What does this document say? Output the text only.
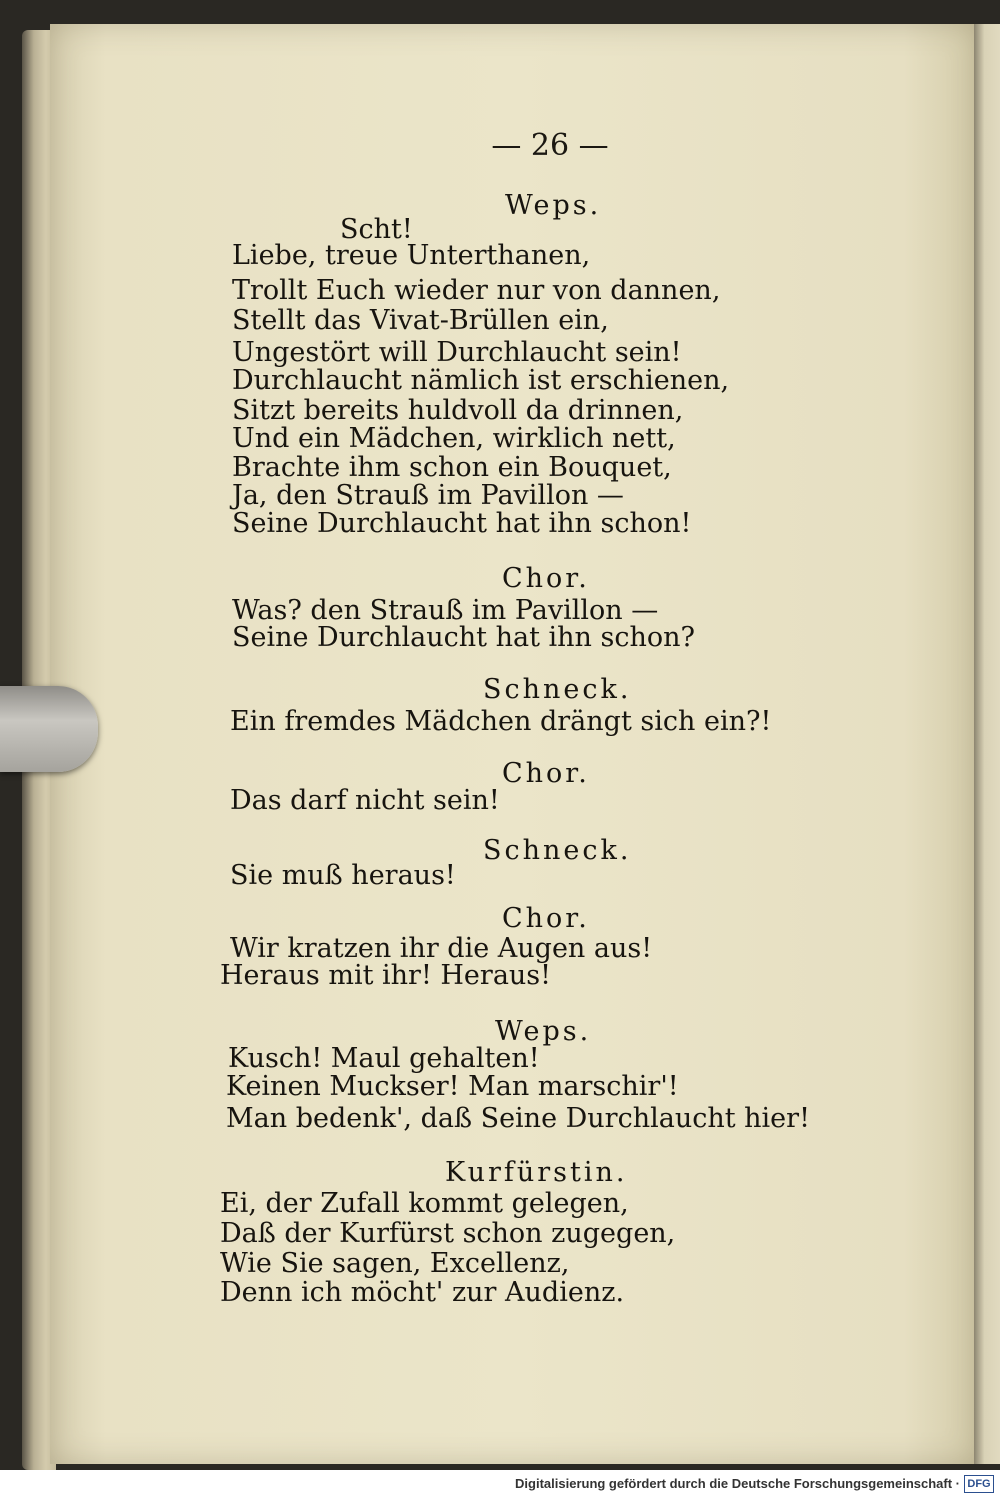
— 26 —
Weps.
Scht!
Liebe, treue Unterthanen,
Trollt Euch wieder nur von dannen,
Stellt das Vivat-Brüllen ein,
Ungestört will Durchlaucht sein!
Durchlaucht nämlich ist erschienen,
Sitzt bereits huldvoll da drinnen,
Und ein Mädchen, wirklich nett,
Brachte ihm schon ein Bouquet,
Ja, den Strauß im Pavillon —
Seine Durchlaucht hat ihn schon!
Chor.
Was? den Strauß im Pavillon —
Seine Durchlaucht hat ihn schon?
Schneck.
Ein fremdes Mädchen drängt sich ein?!
Chor.
Das darf nicht sein!
Schneck.
Sie muß heraus!
Chor.
Wir kratzen ihr die Augen aus!
Heraus mit ihr! Heraus!
Weps.
Kusch! Maul gehalten!
Keinen Muckser! Man marschir'!
Man bedenk', daß Seine Durchlaucht hier!
Kurfürstin.
Ei, der Zufall kommt gelegen,
Daß der Kurfürst schon zugegen,
Wie Sie sagen, Excellenz,
Denn ich möcht' zur Audienz.
Digitalisierung gefördert durch die Deutsche Forschungsgemeinschaft · DFG
